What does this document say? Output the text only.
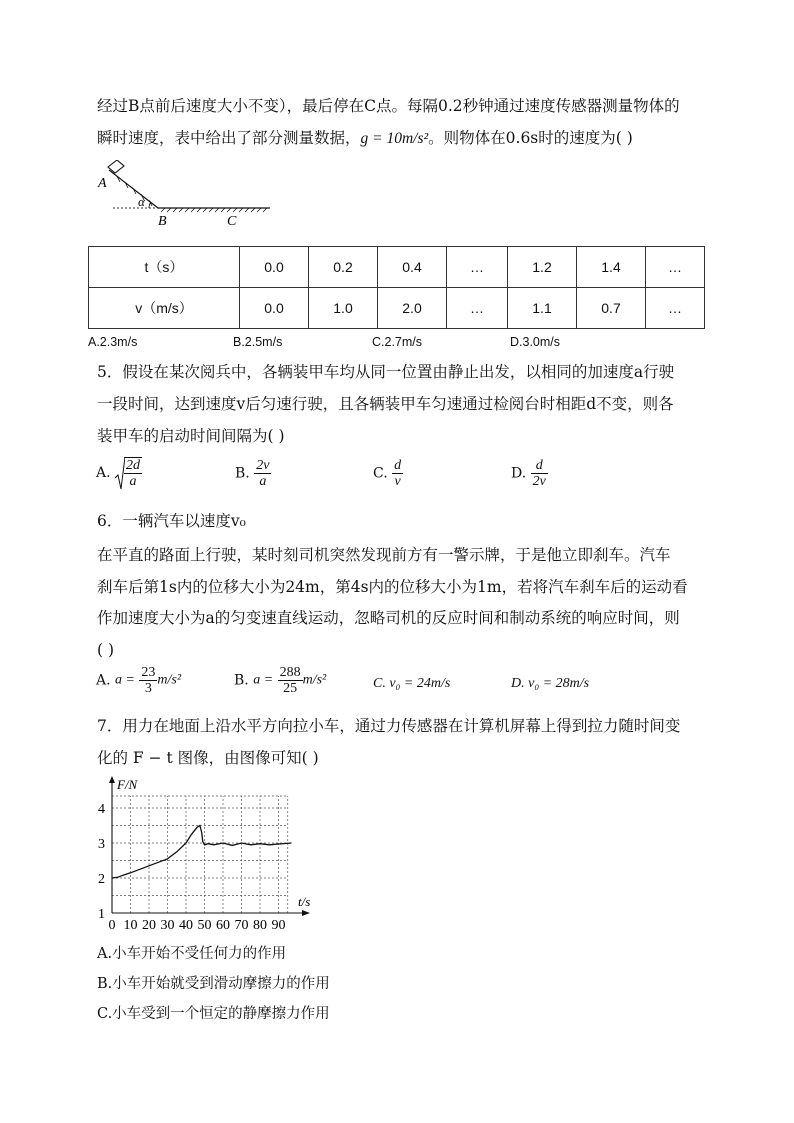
经过B点前后速度大小不变），最后停在C点。每隔0.2秒钟通过速度传感器测量物体的
瞬时速度，表中给出了部分测量数据，g = 10m/s²。则物体在0.6s时的速度为( )
A
α
B	C
t（s）	0.0	0.2	0.4	…	1.2	1.4	…
v（m/s）	0.0	1.0	2.0	…	1.1	0.7	…
A.2.3m/s	B.2.5m/s	C.2.7m/s	D.3.0m/s
5．假设在某次阅兵中，各辆装甲车均从同一位置由静止出发，以相同的加速度a行驶
一段时间，达到速度v后匀速行驶，且各辆装甲车匀速通过检阅台时相距d不变，则各
装甲车的启动时间间隔为( )
A. $\frac{2d}{a}$	B. $\frac{2v}{a}$	C. $\frac{d}{v}$	D. $\frac{d}{2v}$
6．一辆汽车以速度v₀
在平直的路面上行驶，某时刻司机突然发现前方有一警示牌，于是他立即刹车。汽车
刹车后第1s内的位移大小为24m，第4s内的位移大小为1m，若将汽车刹车后的运动看
作加速度大小为a的匀变速直线运动，忽略司机的反应时间和制动系统的响应时间，则
( )
A. $a = \frac{23}{3} m/s^2$	B. $a = \frac{288}{25} m/s^2$	C. v₀ = 24m/s	D. v₀ = 28m/s
7．用力在地面上沿水平方向拉小车，通过力传感器在计算机屏幕上得到拉力随时间变
化的 F − t 图像，由图像可知( )
0 10 20 30 40 50 60 70 80 90
1
2
3
4
F/N
t/s
A.小车开始不受任何力的作用
B.小车开始就受到滑动摩擦力的作用
C.小车受到一个恒定的静摩擦力作用
